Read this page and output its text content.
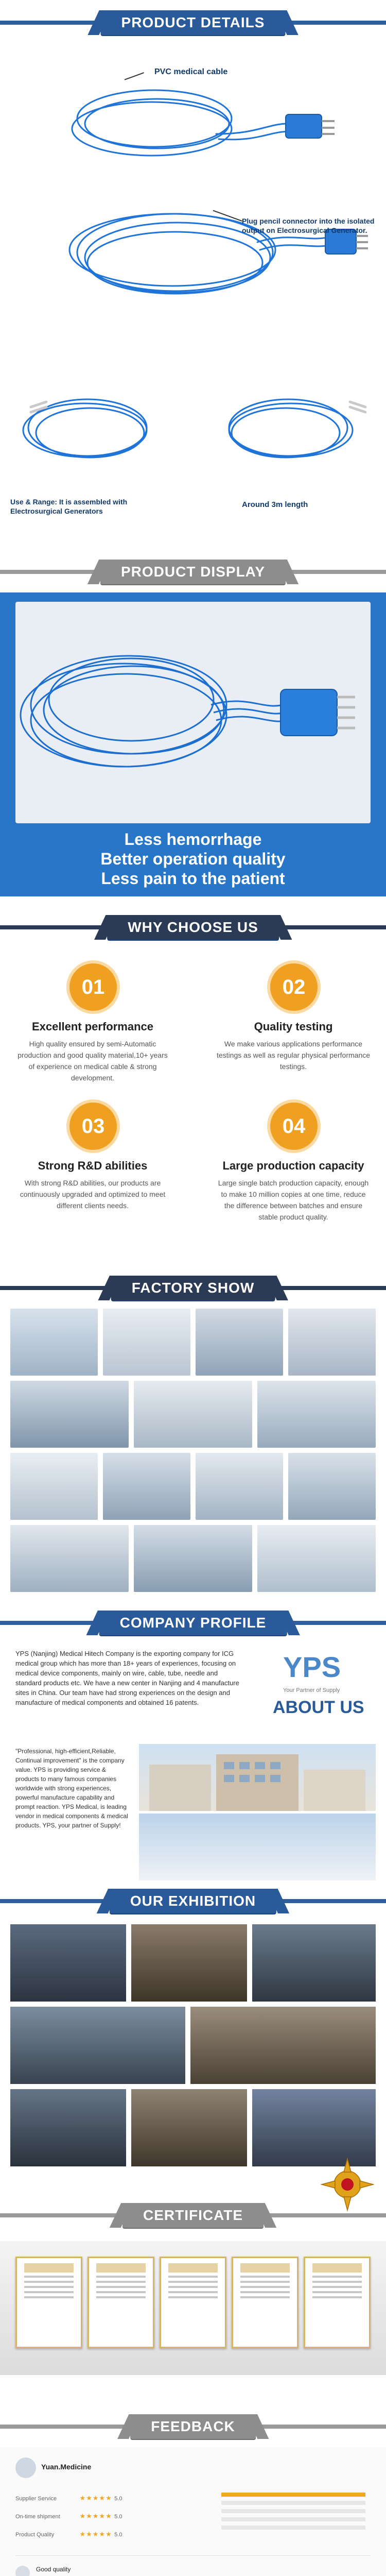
PRODUCT DETAILS
PVC medical cable
Plug pencil connector into the isolated output on Electrosurgical Generator.
Use & Range: It is assembled with Electrosurgical Generators
Around 3m length
PRODUCT DISPLAY
Less hemorrhage
Better operation quality
Less pain to the patient
WHY CHOOSE US
01
Excellent performance
High quality ensured by semi-Automatic production and good quality material,10+ years of experience on medical cable & strong development.
02
Quality testing
We make various applications performance testings as well as regular physical performance testings.
03
Strong R&D abilities
With strong R&D abilities, our products are continuously upgraded and optimized to meet different clients needs.
04
Large production capacity
Large single batch production capacity, enough to make 10 million copies at one time, reduce the difference between batches and ensure stable product quality.
FACTORY SHOW
COMPANY PROFILE
YPS (Nanjing) Medical Hitech Company is the exporting company for ICG medical group which has more than 18+ years of experiences, focusing on medical device components, mainly on wire, cable, tube, needle and standard products etc. We have a new center in Nanjing and 4 manufacture sites in China. Our team have had strong experiences on the design and manufacture of medical components and obtained 16 patents.
YPS
Your Partner of Supply
ABOUT US
"Professional, high-efficient,Reliable, Continual improvement" is the company value. YPS is providing service & products to many famous companies worldwide with strong experiences, powerful manufacture capability and prompt reaction. YPS Medical, is leading vendor in medical components & medical products. YPS, your partner of Supply!
OUR EXHIBITION
CERTIFICATE
FEEDBACK
Yuan.Medicine
Supplier Service	★★★★★ 5.0
On-time shipment	★★★★★ 5.0
Product Quality	★★★★★ 5.0
Good quality
